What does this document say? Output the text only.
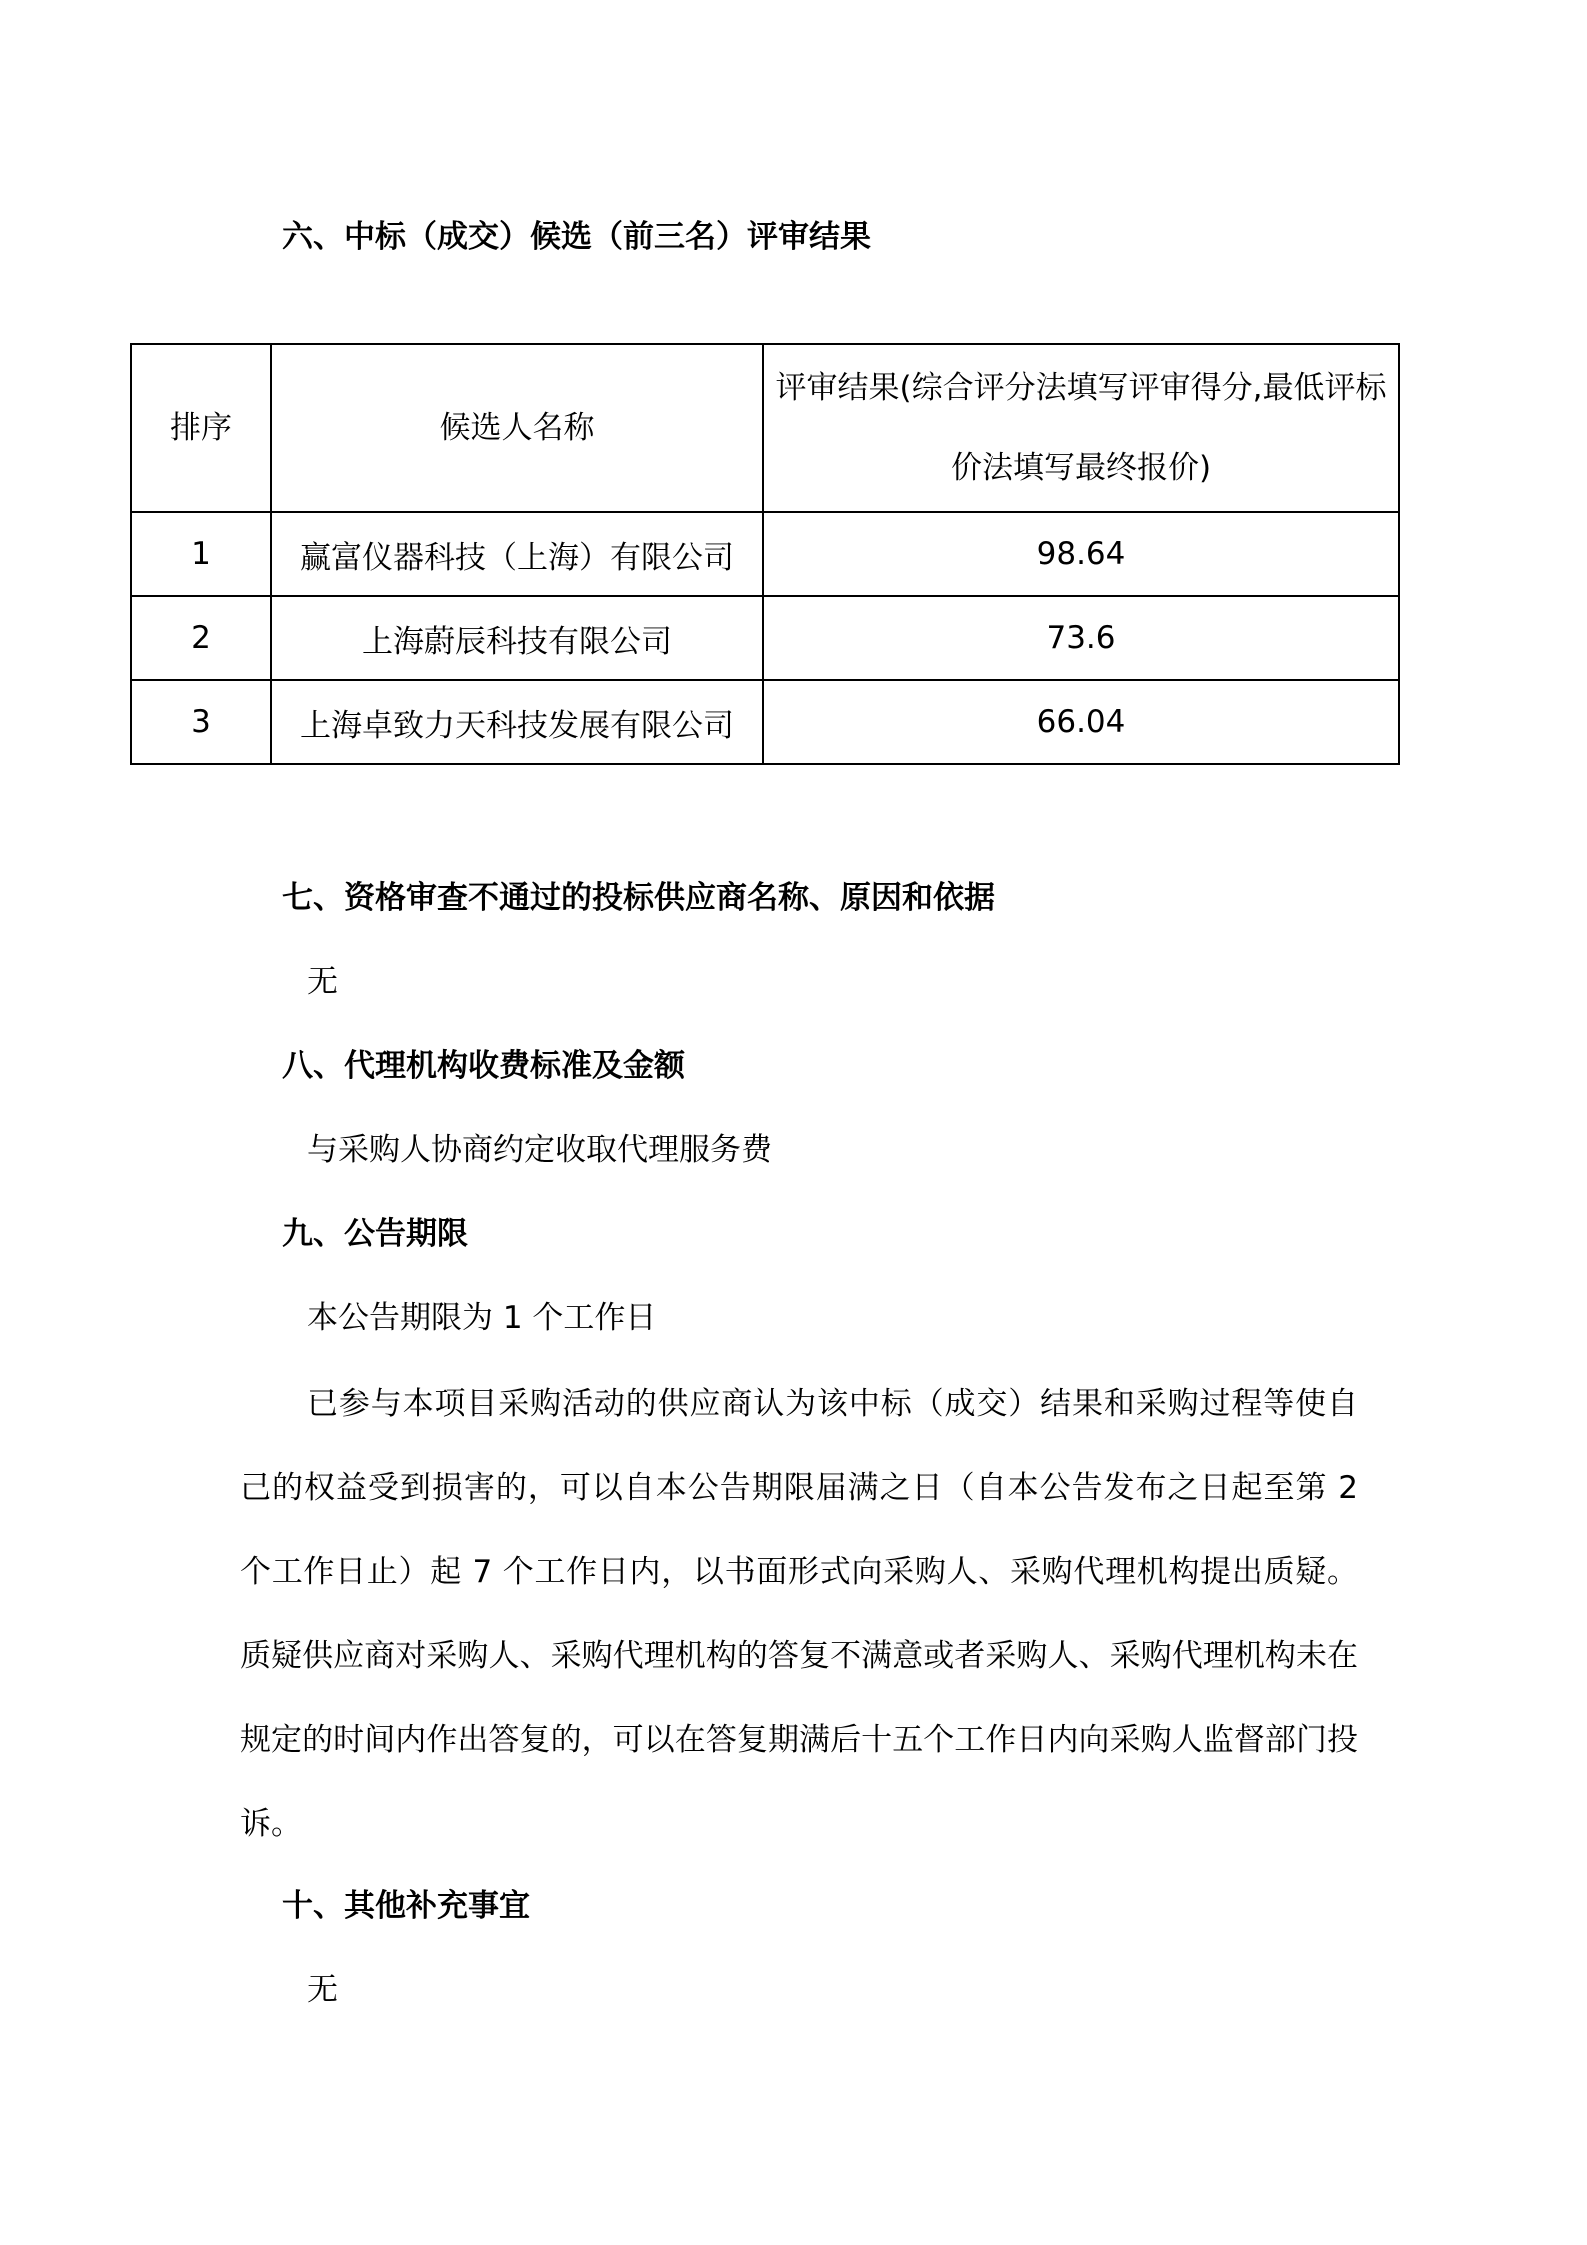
六、中标（成交）候选（前三名）评审结果
排序	候选人名称	评审结果(综合评分法填写评审得分,最低评标价法填写最终报价)
1	赢富仪器科技（上海）有限公司	98.64
2	上海蔚辰科技有限公司	73.6
3	上海卓致力天科技发展有限公司	66.04
七、资格审查不通过的投标供应商名称、原因和依据

无

八、代理机构收费标准及金额

与采购人协商约定收取代理服务费

九、公告期限

本公告期限为 1 个工作日

已参与本项目采购活动的供应商认为该中标（成交）结果和采购过程等使自己的权益受到损害的，可以自本公告期限届满之日（自本公告发布之日起至第 2 个工作日止）起 7 个工作日内，以书面形式向采购人、采购代理机构提出质疑。质疑供应商对采购人、采购代理机构的答复不满意或者采购人、采购代理机构未在规定的时间内作出答复的，可以在答复期满后十五个工作日内向采购人监督部门投诉。

十、其他补充事宜

无
